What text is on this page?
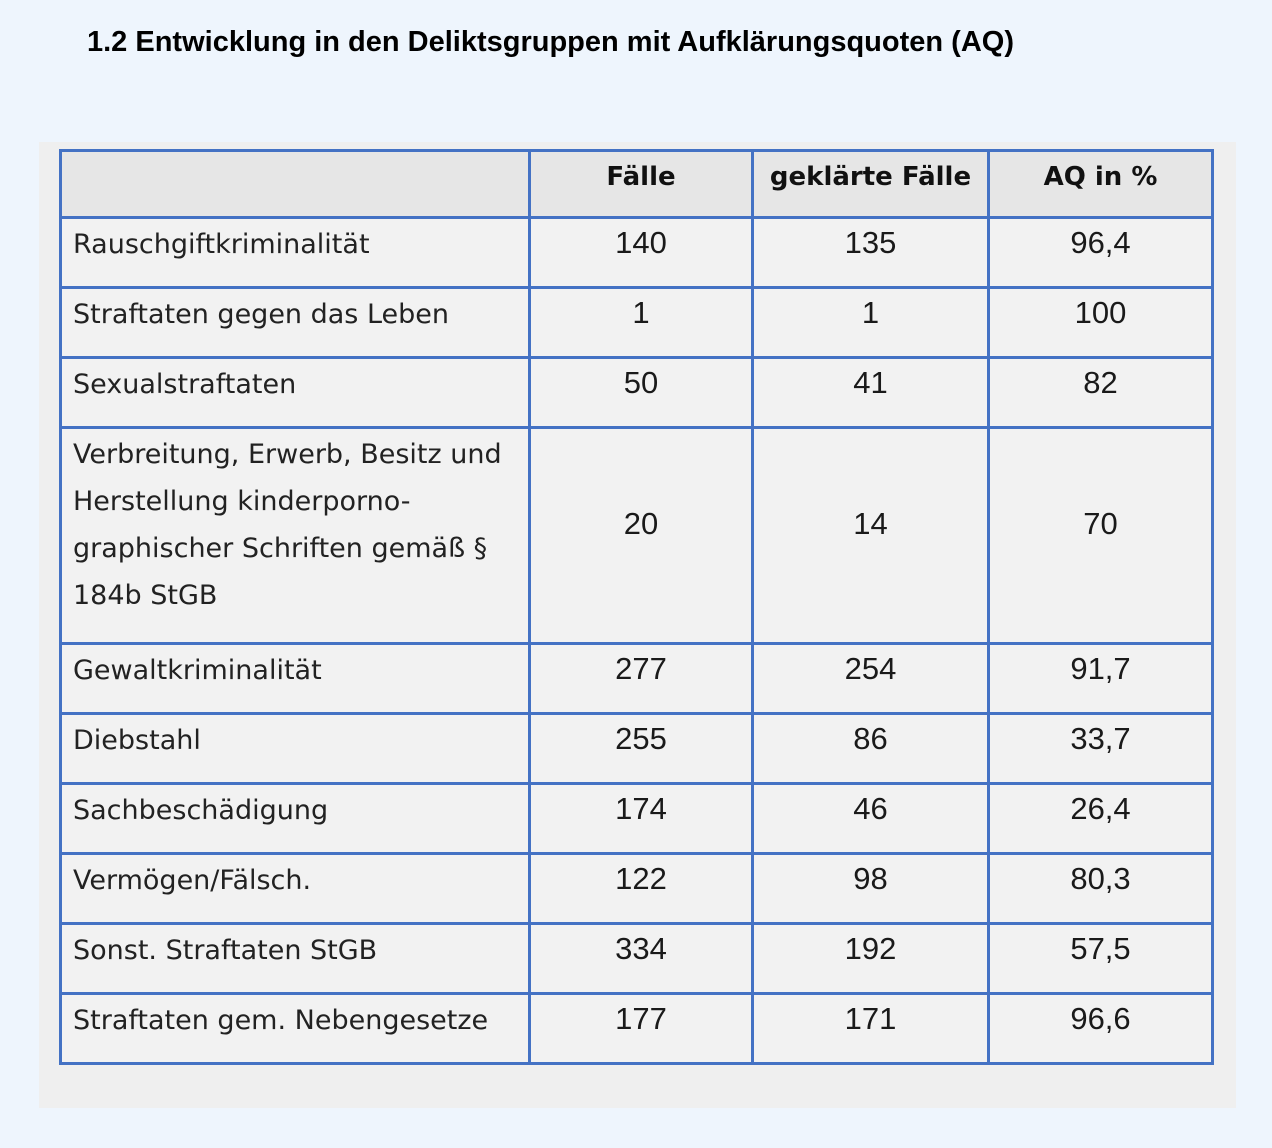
1.2 Entwicklung in den Deliktsgruppen mit Aufklärungsquoten (AQ)
	Fälle	geklärte Fälle	AQ in %

Rauschgiftkriminalität	140	135	96,4

Straftaten gegen das Leben	1	1	100

Sexualstraftaten	50	41	82

Verbreitung, Erwerb, Besitz und Herstellung kinderporno-graphischer Schriften gemäß § 184b StGB	20	14	70

Gewaltkriminalität	277	254	91,7

Diebstahl	255	86	33,7

Sachbeschädigung	174	46	26,4

Vermögen/Fälsch.	122	98	80,3

Sonst. Straftaten StGB	334	192	57,5

Straftaten gem. Nebengesetze	177	171	96,6
